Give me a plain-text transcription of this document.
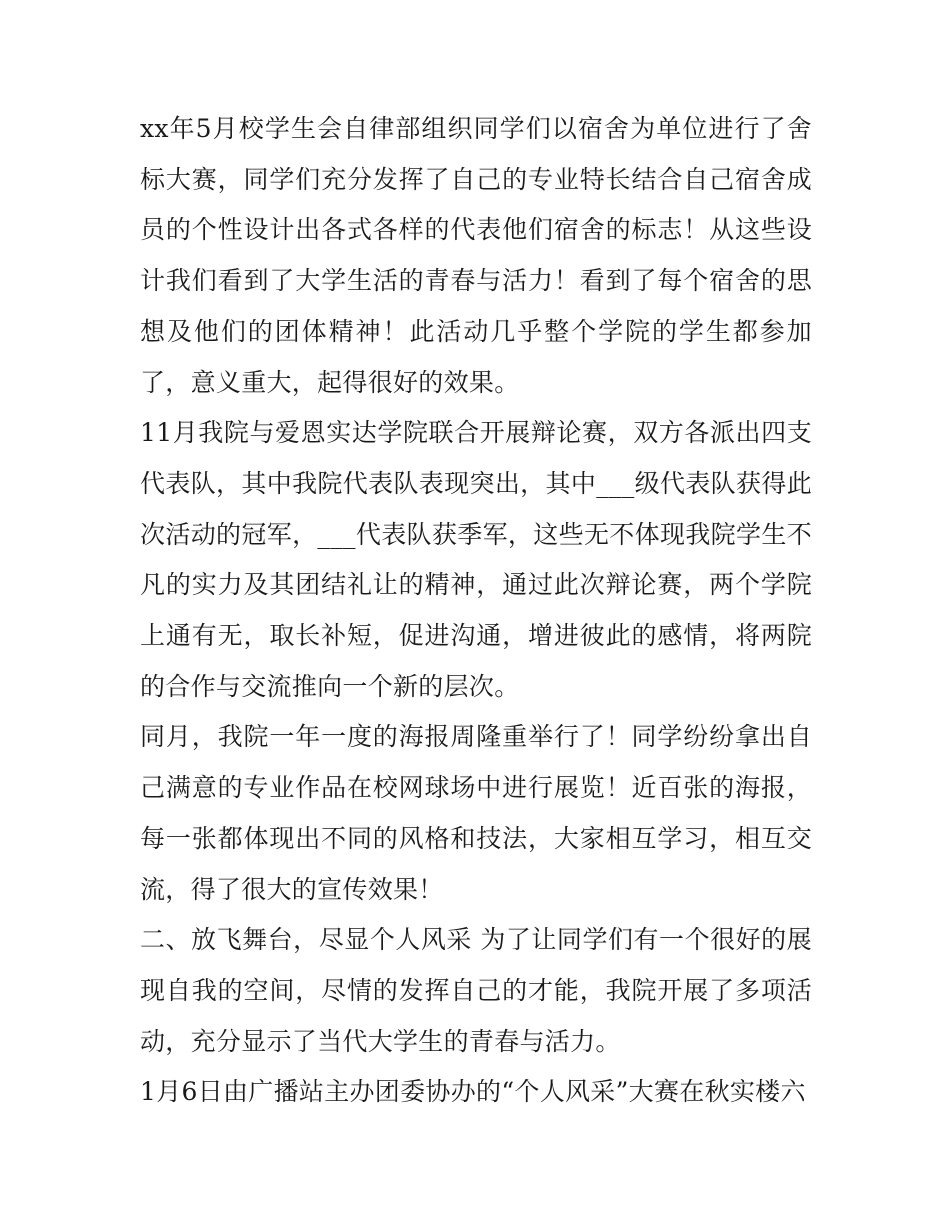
xx年5月校学生会自律部组织同学们以宿舍为单位进行了舍标大赛，同学们充分发挥了自己的专业特长结合自己宿舍成员的个性设计出各式各样的代表他们宿舍的标志！从这些设计我们看到了大学生活的青春与活力！看到了每个宿舍的思想及他们的团体精神！此活动几乎整个学院的学生都参加了，意义重大，起得很好的效果。

11月我院与爱恩实达学院联合开展辩论赛，双方各派出四支代表队，其中我院代表队表现突出，其中___级代表队获得此次活动的冠军，___代表队获季军，这些无不体现我院学生不凡的实力及其团结礼让的精神，通过此次辩论赛，两个学院上通有无，取长补短，促进沟通，增进彼此的感情，将两院的合作与交流推向一个新的层次。

同月，我院一年一度的海报周隆重举行了！同学纷纷拿出自己满意的专业作品在校网球场中进行展览！近百张的海报，每一张都体现出不同的风格和技法，大家相互学习，相互交流，得了很大的宣传效果！

二、放飞舞台，尽显个人风采 为了让同学们有一个很好的展现自我的空间，尽情的发挥自己的才能，我院开展了多项活动，充分显示了当代大学生的青春与活力。

1月6日由广播站主办团委协办的“个人风采”大赛在秋实楼六
